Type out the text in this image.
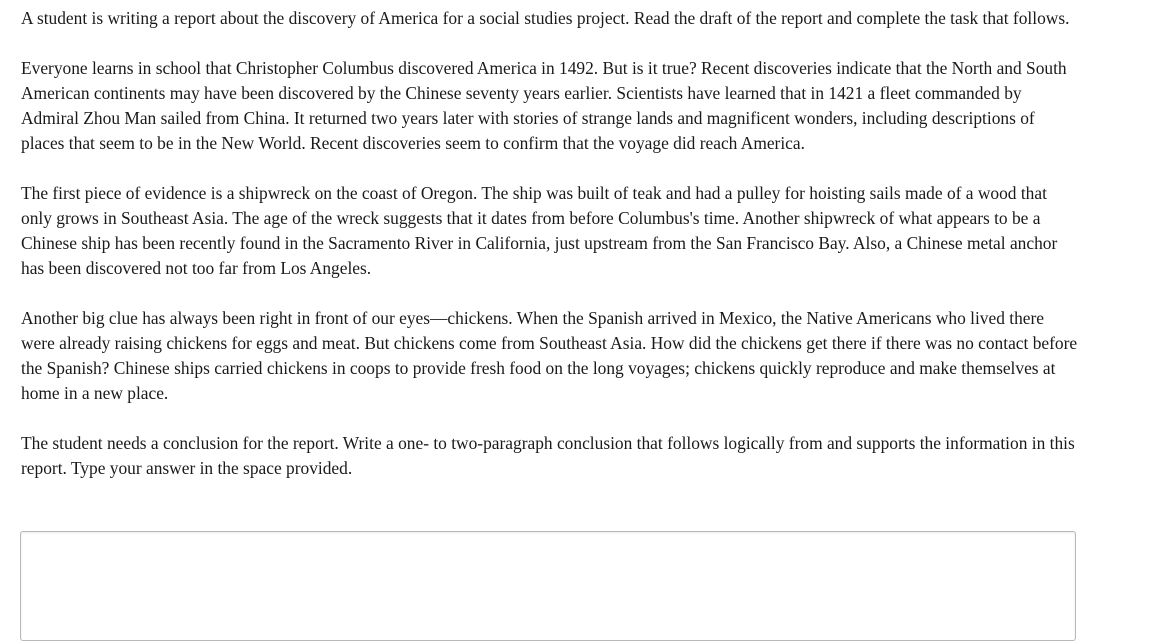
A student is writing a report about the discovery of America for a social studies project. Read the draft of the report and complete the task that follows.

Everyone learns in school that Christopher Columbus discovered America in 1492. But is it true? Recent discoveries indicate that the North and South American continents may have been discovered by the Chinese seventy years earlier. Scientists have learned that in 1421 a fleet commanded by Admiral Zhou Man sailed from China. It returned two years later with stories of strange lands and magnificent wonders, including descriptions of places that seem to be in the New World. Recent discoveries seem to confirm that the voyage did reach America.

The first piece of evidence is a shipwreck on the coast of Oregon. The ship was built of teak and had a pulley for hoisting sails made of a wood that only grows in Southeast Asia. The age of the wreck suggests that it dates from before Columbus's time. Another shipwreck of what appears to be a Chinese ship has been recently found in the Sacramento River in California, just upstream from the San Francisco Bay. Also, a Chinese metal anchor has been discovered not too far from Los Angeles.

Another big clue has always been right in front of our eyes—chickens. When the Spanish arrived in Mexico, the Native Americans who lived there were already raising chickens for eggs and meat. But chickens come from Southeast Asia. How did the chickens get there if there was no contact before the Spanish? Chinese ships carried chickens in coops to provide fresh food on the long voyages; chickens quickly reproduce and make themselves at home in a new place.

The student needs a conclusion for the report. Write a one- to two-paragraph conclusion that follows logically from and supports the information in this report. Type your answer in the space provided.
